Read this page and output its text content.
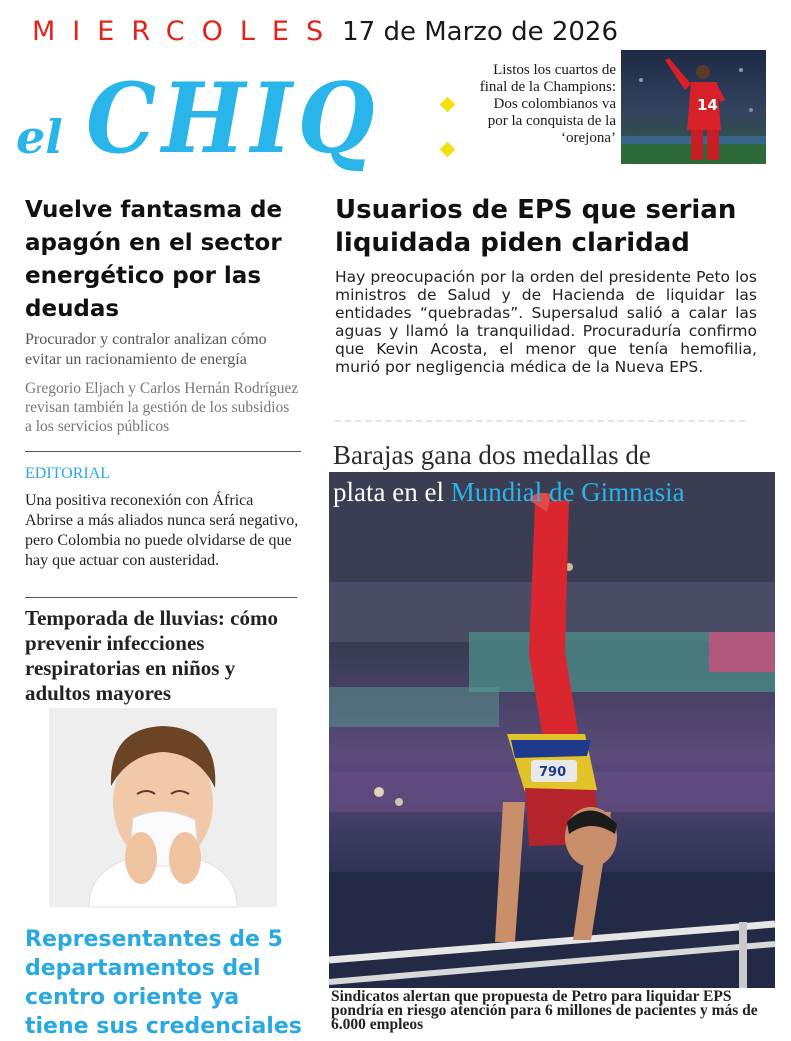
MIERCOLES17 de Marzo de 2026
el CHIQ	Listos los cuartos de final de la Champions: Dos colombianos va por la conquista de la ‘orejona’
14
Vuelve fantasma de apagón en el sector energético por las deudas
Procurador y contralor analizan cómo evitar un racionamiento de energía
Gregorio Eljach y Carlos Hernán Rodríguez revisan también la gestión de los subsidios a los servicios públicos
EDITORIAL
Una positiva reconexión con África Abrirse a más aliados nunca será negativo, pero Colombia no puede olvidarse de que hay que actuar con austeridad.
Temporada de lluvias: cómo prevenir infecciones respiratorias en niños y adultos mayores
Representantes de 5 departamentos del centro oriente ya tiene sus credenciales
Usuarios de EPS que serian liquidada piden claridad
Hay preocupación por la orden del presidente Peto los ministros de Salud y de Hacienda de liquidar las entidades “quebradas”. Supersalud salió a calar las aguas y llamó la tranquilidad. Procuraduría confirmo que Kevin Acosta, el menor que tenía hemofilia, murió por negligencia médica de la Nueva EPS.
Barajas gana dos medallas de
790
plata en el Mundial de Gimnasia
Sindicatos alertan que propuesta de Petro para liquidar EPS pondría en riesgo atención para 6 millones de pacientes y más de 6.000 empleos
